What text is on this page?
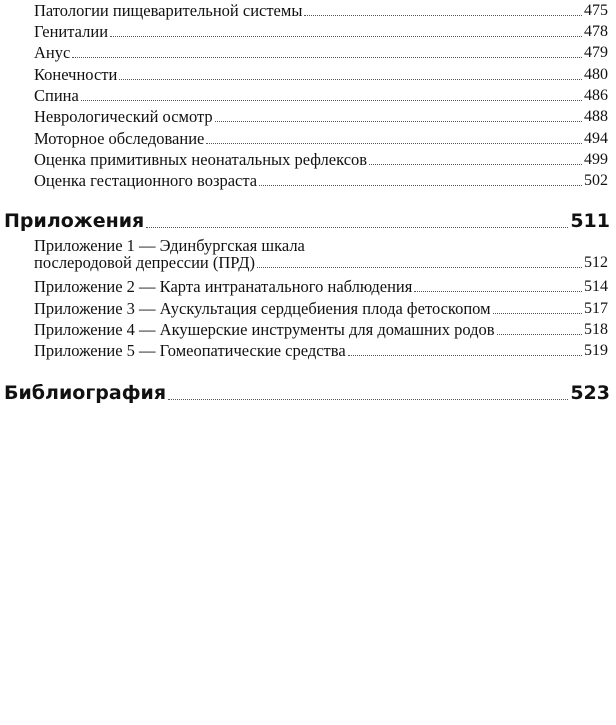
Патологии пищеварительной системы	475
Гениталии	478
Анус	479
Конечности	480
Спина	486
Неврологический осмотр	488
Моторное обследование	494
Оценка примитивных неонатальных рефлексов	499
Оценка гестационного возраста	502
Приложения	511
Приложение 1 — Эдинбургская шкала
послеродовой депрессии (ПРД)	512
Приложение 2 — Карта интранатального наблюдения	514
Приложение 3 — Аускультация сердцебиения плода фетоскопом	517
Приложение 4 — Акушерские инструменты для домашних родов	518
Приложение 5 — Гомеопатические средства	519
Библиография	523
